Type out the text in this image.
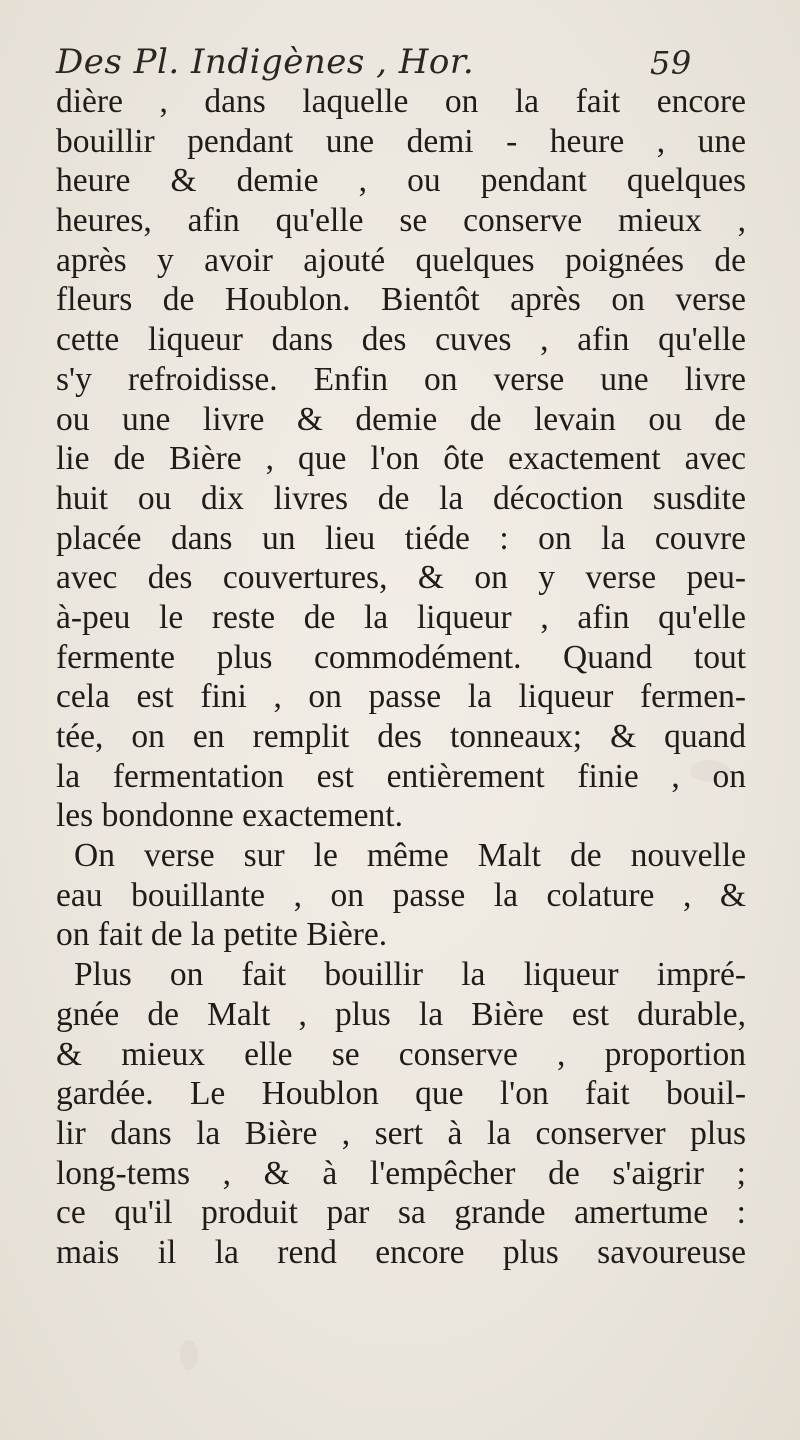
Des Pl. Indigènes , Hor.	59
dière , dans laquelle on la fait encore
bouillir pendant une demi - heure , une
heure & demie , ou pendant quelques
heures, afin qu'elle se conserve mieux ,
après y avoir ajouté quelques poignées de
fleurs de Houblon. Bientôt après on verse
cette liqueur dans des cuves , afin qu'elle
s'y refroidisse. Enfin on verse une livre
ou une livre & demie de levain ou de
lie de Bière , que l'on ôte exactement avec
huit ou dix livres de la décoction susdite
placée dans un lieu tiéde : on la couvre
avec des couvertures, & on y verse peu-
à-peu le reste de la liqueur , afin qu'elle
fermente plus commodément. Quand tout
cela est fini , on passe la liqueur fermen-
tée, on en remplit des tonneaux; & quand
la fermentation est entièrement finie , on
les bondonne exactement.
On verse sur le même Malt de nouvelle
eau bouillante , on passe la colature , &
on fait de la petite Bière.
Plus on fait bouillir la liqueur impré-
gnée de Malt , plus la Bière est durable,
& mieux elle se conserve , proportion
gardée. Le Houblon que l'on fait bouil-
lir dans la Bière , sert à la conserver plus
long-tems , & à l'empêcher de s'aigrir ;
ce qu'il produit par sa grande amertume :
mais il la rend encore plus savoureuse
